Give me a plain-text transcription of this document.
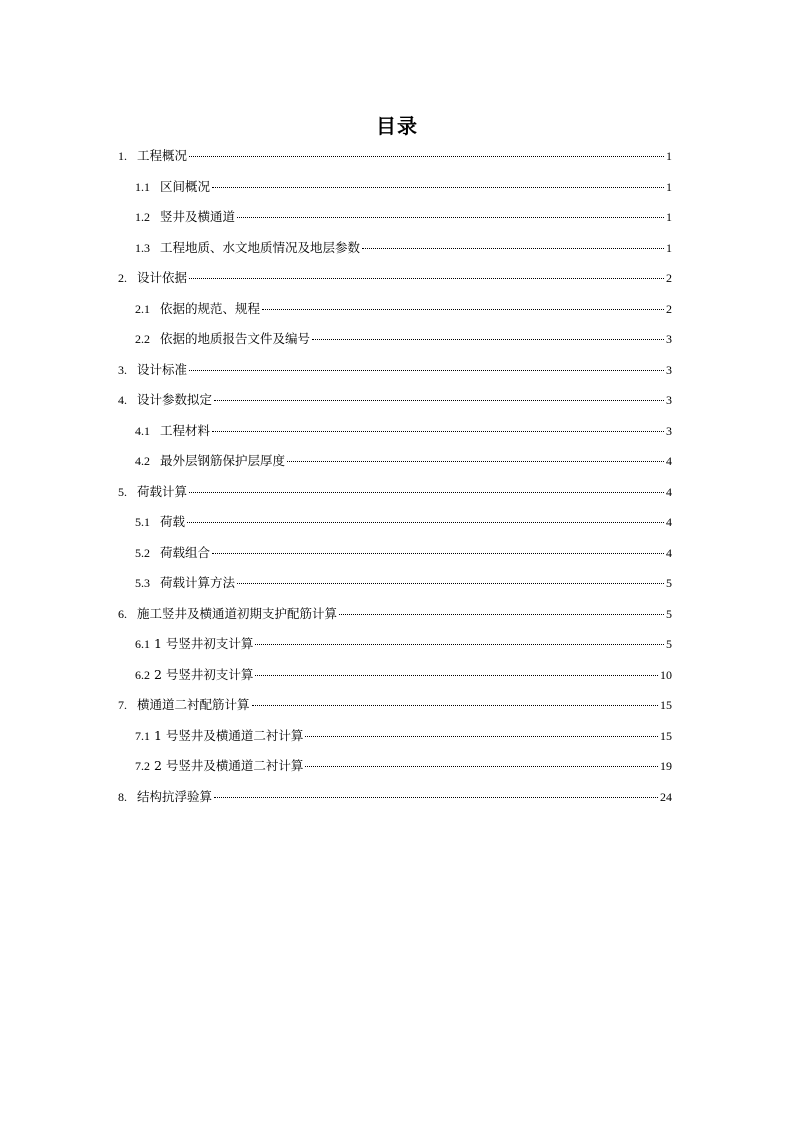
目录
1. 工程概况	1
1.1 区间概况	1
1.2 竖井及横通道	1
1.3 工程地质、水文地质情况及地层参数	1
2. 设计依据	2
2.1 依据的规范、规程	2
2.2 依据的地质报告文件及编号	3
3. 设计标准	3
4. 设计参数拟定	3
4.1 工程材料	3
4.2 最外层钢筋保护层厚度	4
5. 荷载计算	4
5.1 荷载	4
5.2 荷载组合	4
5.3 荷载计算方法	5
6. 施工竖井及横通道初期支护配筋计算	5
6.1 1 号竖井初支计算	5
6.2 2 号竖井初支计算	10
7. 横通道二衬配筋计算	15
7.1 1 号竖井及横通道二衬计算	15
7.2 2 号竖井及横通道二衬计算	19
8. 结构抗浮验算	24
